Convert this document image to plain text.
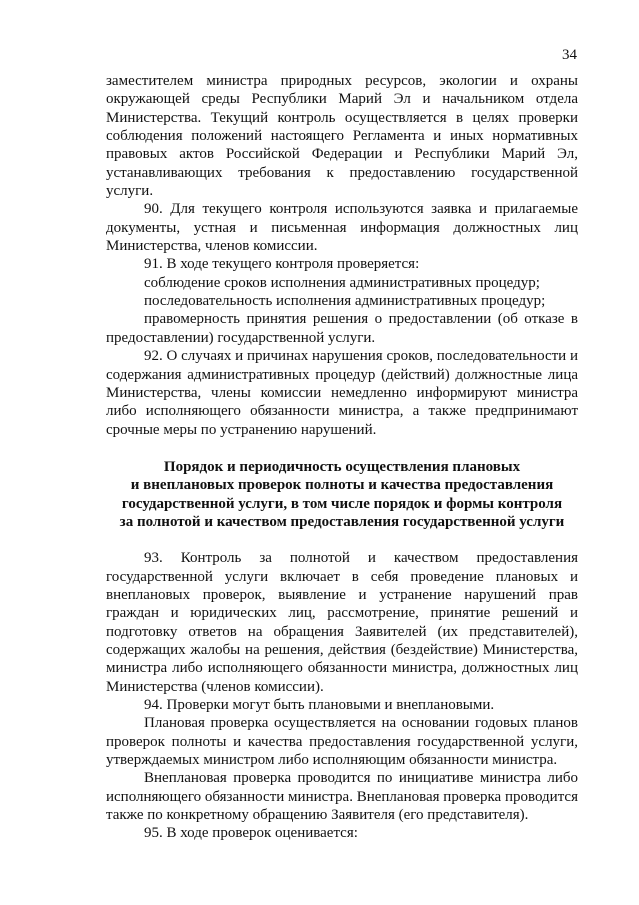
34

заместителем министра природных ресурсов, экологии и охраны окружающей среды Республики Марий Эл и начальником отдела Министерства. Текущий контроль осуществляется в целях проверки соблюдения положений настоящего Регламента и иных нормативных правовых актов Российской Федерации и Республики Марий Эл, устанавливающих требования к предоставлению государственной услуги.

90. Для текущего контроля используются заявка и прилагаемые документы, устная и письменная информация должностных лиц Министерства, членов комиссии.

91. В ходе текущего контроля проверяется:

соблюдение сроков исполнения административных процедур;

последовательность исполнения административных процедур;

правомерность принятия решения о предоставлении (об отказе в предоставлении) государственной услуги.

92. О случаях и причинах нарушения сроков, последовательности и содержания административных процедур (действий) должностные лица Министерства, члены комиссии немедленно информируют министра либо исполняющего обязанности министра, а также предпринимают срочные меры по устранению нарушений.

Порядок и периодичность осуществления плановых
и внеплановых проверок полноты и качества предоставления
государственной услуги, в том числе порядок и формы контроля
за полнотой и качеством предоставления государственной услуги

93. Контроль за полнотой и качеством предоставления государственной услуги включает в себя проведение плановых и внеплановых проверок, выявление и устранение нарушений прав граждан и юридических лиц, рассмотрение, принятие решений и подготовку ответов на обращения Заявителей (их представителей), содержащих жалобы на решения, действия (бездействие) Министерства, министра либо исполняющего обязанности министра, должностных лиц Министерства (членов комиссии).

94. Проверки могут быть плановыми и внеплановыми.

Плановая проверка осуществляется на основании годовых планов проверок полноты и качества предоставления государственной услуги, утверждаемых министром либо исполняющим обязанности министра.

Внеплановая проверка проводится по инициативе министра либо исполняющего обязанности министра. Внеплановая проверка проводится также по конкретному обращению Заявителя (его представителя).

95. В ходе проверок оценивается:
